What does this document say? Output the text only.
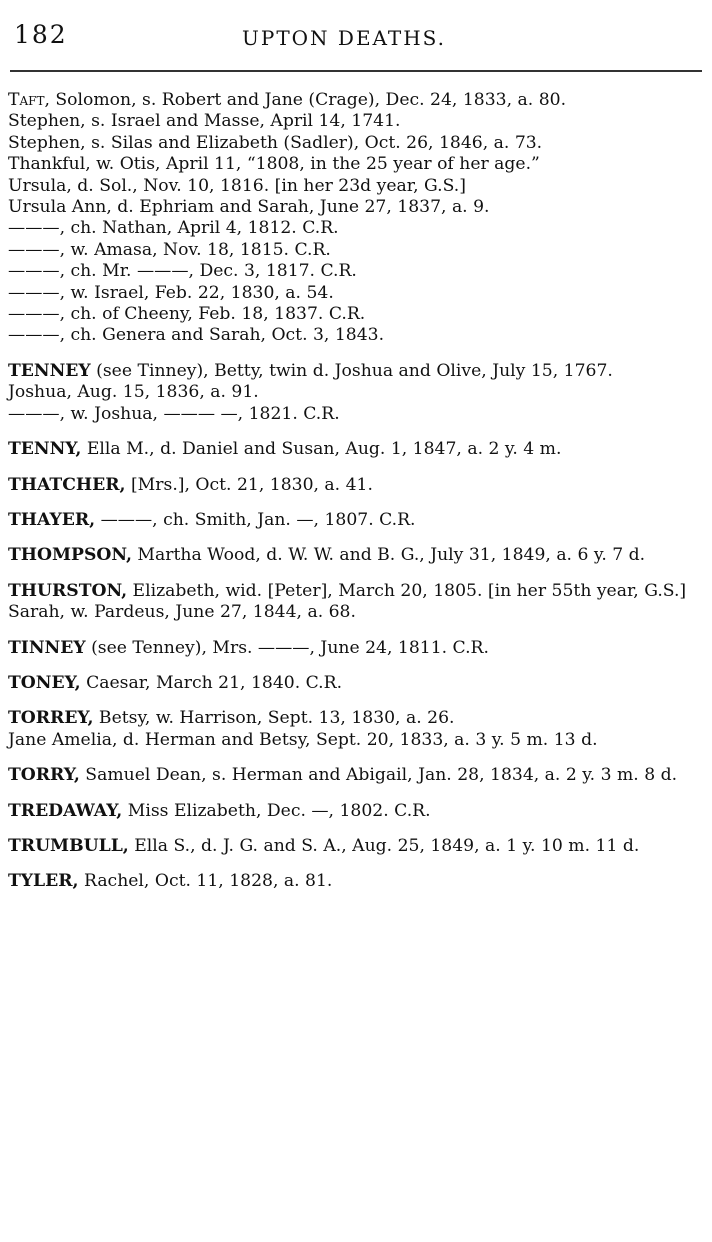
182	UPTON DEATHS.

Taft, Solomon, s. Robert and Jane (Crage), Dec. 24, 1833, a. 80.

Stephen, s. Israel and Masse, April 14, 1741.

Stephen, s. Silas and Elizabeth (Sadler), Oct. 26, 1846, a. 73.

Thankful, w. Otis, April 11, “1808, in the 25 year of her age.”

Ursula, d. Sol., Nov. 10, 1816. [in her 23d year, G.S.]

Ursula Ann, d. Ephriam and Sarah, June 27, 1837, a. 9.

———, ch. Nathan, April 4, 1812. C.R.

———, w. Amasa, Nov. 18, 1815. C.R.

———, ch. Mr. ———, Dec. 3, 1817. C.R.

———, w. Israel, Feb. 22, 1830, a. 54.

———, ch. of Cheeny, Feb. 18, 1837. C.R.

———, ch. Genera and Sarah, Oct. 3, 1843.

TENNEY (see Tinney), Betty, twin d. Joshua and Olive, July 15, 1767.

Joshua, Aug. 15, 1836, a. 91.

———, w. Joshua, ——— —, 1821. C.R.

TENNY, Ella M., d. Daniel and Susan, Aug. 1, 1847, a. 2 y. 4 m.

THATCHER, [Mrs.], Oct. 21, 1830, a. 41.

THAYER, ———, ch. Smith, Jan. —, 1807. C.R.

THOMPSON, Martha Wood, d. W. W. and B. G., July 31, 1849, a. 6 y. 7 d.

THURSTON, Elizabeth, wid. [Peter], March 20, 1805. [in her 55th year, G.S.]

Sarah, w. Pardeus, June 27, 1844, a. 68.

TINNEY (see Tenney), Mrs. ———, June 24, 1811. C.R.

TONEY, Caesar, March 21, 1840. C.R.

TORREY, Betsy, w. Harrison, Sept. 13, 1830, a. 26.

Jane Amelia, d. Herman and Betsy, Sept. 20, 1833, a. 3 y. 5 m. 13 d.

TORRY, Samuel Dean, s. Herman and Abigail, Jan. 28, 1834, a. 2 y. 3 m. 8 d.

TREDAWAY, Miss Elizabeth, Dec. —, 1802. C.R.

TRUMBULL, Ella S., d. J. G. and S. A., Aug. 25, 1849, a. 1 y. 10 m. 11 d.

TYLER, Rachel, Oct. 11, 1828, a. 81.
